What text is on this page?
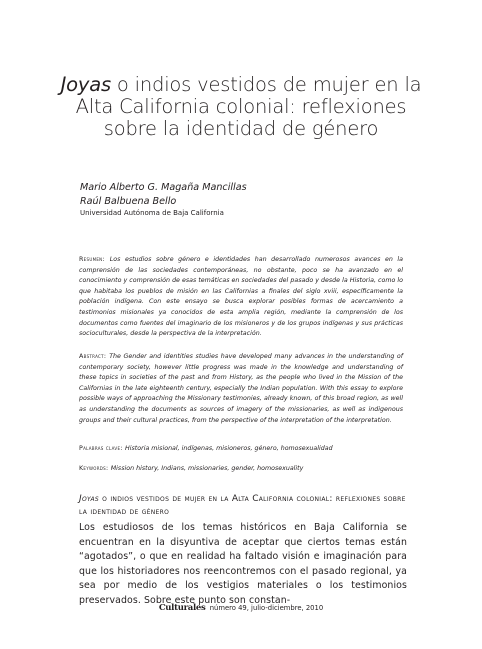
Joyas o indios vestidos de mujer en la Alta California colonial: reflexiones sobre la identidad de género
Mario Alberto G. Magaña Mancillas
Raúl Balbuena Bello
Universidad Autónoma de Baja California
Resumen: Los estudios sobre género e identidades han desarrollado numerosos avances en la comprensión de las sociedades contemporáneas, no obstante, poco se ha avanzado en el conocimiento y comprensión de esas temáticas en sociedades del pasado y desde la Historia, como lo que habitaba los pueblos de misión en las Californias a finales del siglo xviii, específicamente la población indígena. Con este ensayo se busca explorar posibles formas de acercamiento a testimonios misionales ya conocidos de esta amplia región, mediante la comprensión de los documentos como fuentes del imaginario de los misioneros y de los grupos indígenas y sus prácticas socioculturales, desde la perspectiva de la interpretación.
Abstract: The Gender and identities studies have developed many advances in the understanding of contemporary society, however little progress was made in the knowledge and understanding of these topics in societies of the past and from History, as the people who lived in the Mission of the Californias in the late eighteenth century, especially the Indian population. With this essay to explore possible ways of approaching the Missionary testimonies, already known, of this broad region, as well as understanding the documents as sources of imagery of the missionaries, as well as indigenous groups and their cultural practices, from the perspective of the interpretation of the interpretation.
Palabras clave: Historia misional, indígenas, misioneros, género, homosexualidad
Keywords: Mission history, Indians, missionaries, gender, homosexuality
Joyas o indios vestidos de mujer en la Alta California colonial: reflexiones sobre la identidad de género
Los estudiosos de los temas históricos en Baja California se encuentran en la disyuntiva de aceptar que ciertos temas están “agotados”, o que en realidad ha faltado visión e imaginación para que los historiadores nos reencontremos con el pasado regional, ya sea por medio de los vestigios materiales o los testimonios preservados. Sobre este punto son constan-
Culturales número 49, julio-diciembre, 2010
